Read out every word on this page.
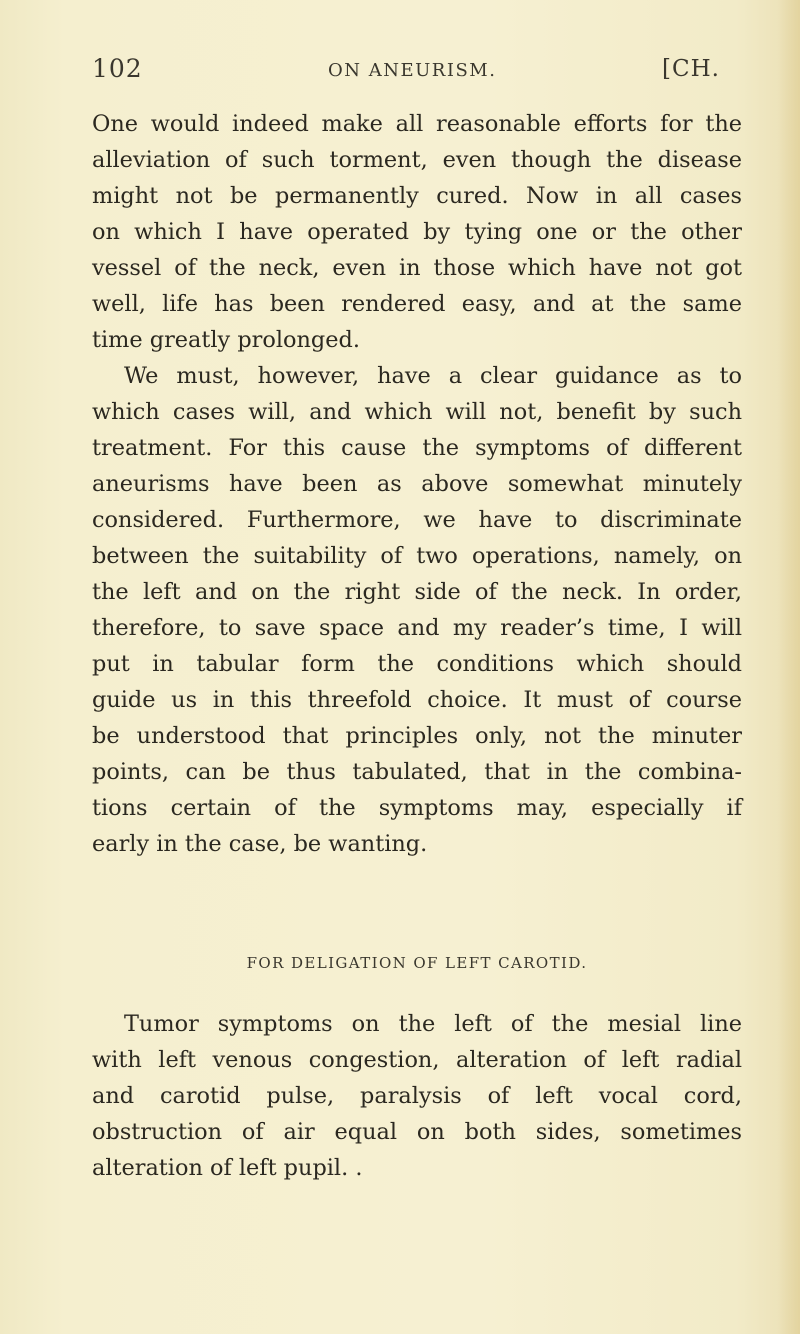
102	ON ANEURISM.	[CH.
One would indeed make all reasonable efforts for the
alleviation of such torment, even though the disease
might not be permanently cured. Now in all cases
on which I have operated by tying one or the other
vessel of the neck, even in those which have not got
well, life has been rendered easy, and at the same
time greatly prolonged.
We must, however, have a clear guidance as to
which cases will, and which will not, benefit by such
treatment. For this cause the symptoms of different
aneurisms have been as above somewhat minutely
considered. Furthermore, we have to discriminate
between the suitability of two operations, namely, on
the left and on the right side of the neck. In order,
therefore, to save space and my reader’s time, I will
put in tabular form the conditions which should
guide us in this threefold choice. It must of course
be understood that principles only, not the minuter
points, can be thus tabulated, that in the combina-
tions certain of the symptoms may, especially if
early in the case, be wanting.
FOR DELIGATION OF LEFT CAROTID.
Tumor symptoms on the left of the mesial line
with left venous congestion, alteration of left radial
and carotid pulse, paralysis of left vocal cord,
obstruction of air equal on both sides, sometimes
alteration of left pupil. .
